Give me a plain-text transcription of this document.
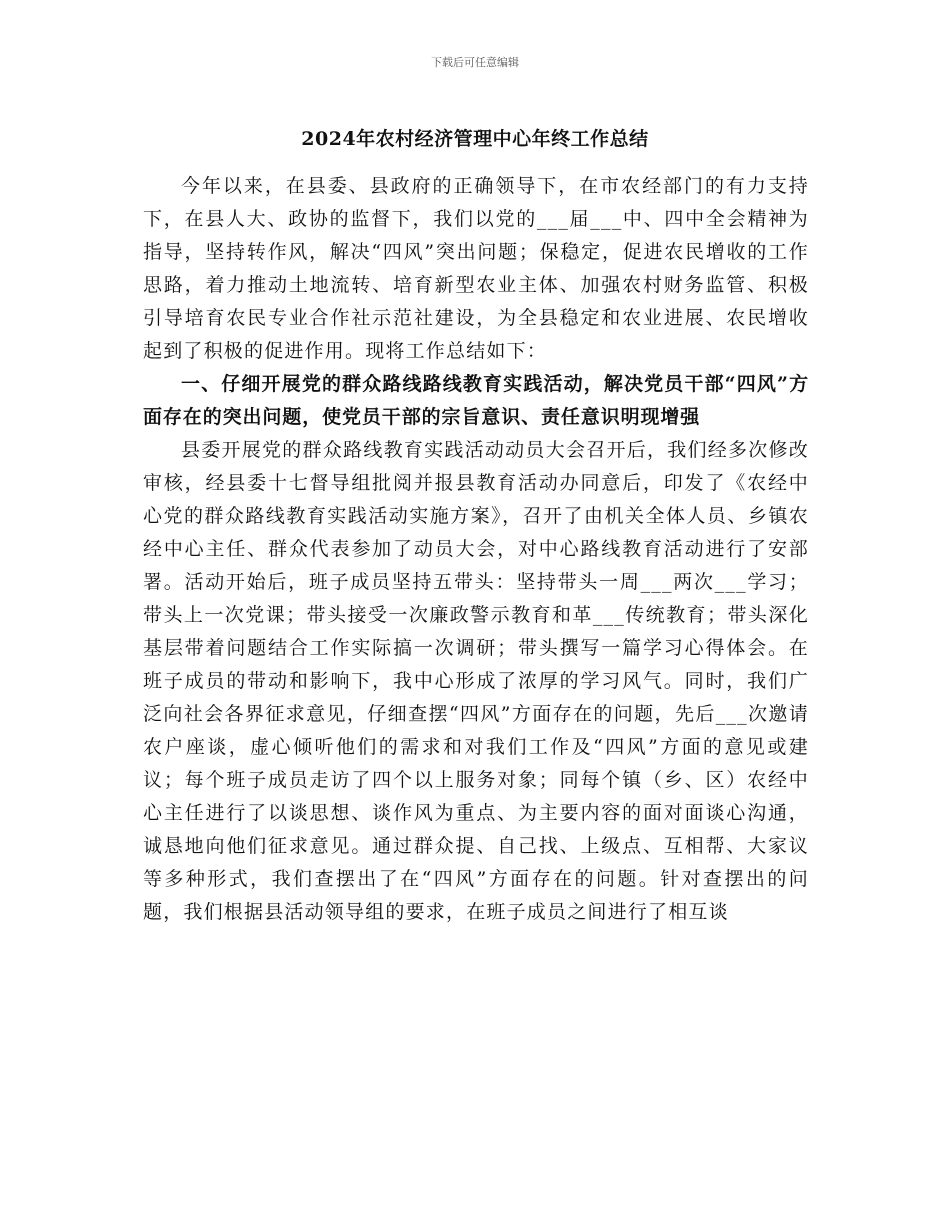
下载后可任意编辑
2024年农村经济管理中心年终工作总结

今年以来，在县委、县政府的正确领导下，在市农经部门的有力支持下，在县人大、政协的监督下，我们以党的___届___中、四中全会精神为指导，坚持转作风，解决“四风”突出问题；保稳定，促进农民增收的工作思路，着力推动土地流转、培育新型农业主体、加强农村财务监管、积极引导培育农民专业合作社示范社建设，为全县稳定和农业进展、农民增收起到了积极的促进作用。现将工作总结如下：

一、仔细开展党的群众路线路线教育实践活动，解决党员干部“四风”方面存在的突出问题，使党员干部的宗旨意识、责任意识明现增强

县委开展党的群众路线教育实践活动动员大会召开后，我们经多次修改审核，经县委十七督导组批阅并报县教育活动办同意后，印发了《农经中心党的群众路线教育实践活动实施方案》，召开了由机关全体人员、乡镇农经中心主任、群众代表参加了动员大会，对中心路线教育活动进行了安部署。活动开始后，班子成员坚持五带头：坚持带头一周___两次___学习；带头上一次党课；带头接受一次廉政警示教育和革___传统教育；带头深化基层带着问题结合工作实际搞一次调研；带头撰写一篇学习心得体会。在班子成员的带动和影响下，我中心形成了浓厚的学习风气。同时，我们广泛向社会各界征求意见，仔细查摆“四风”方面存在的问题，先后___次邀请农户座谈，虚心倾听他们的需求和对我们工作及“四风”方面的意见或建议；每个班子成员走访了四个以上服务对象；同每个镇（乡、区）农经中心主任进行了以谈思想、谈作风为重点、为主要内容的面对面谈心沟通，诚恳地向他们征求意见。通过群众提、自己找、上级点、互相帮、大家议等多种形式，我们查摆出了在“四风”方面存在的问题。针对查摆出的问题，我们根据县活动领导组的要求，在班子成员之间进行了相互谈
